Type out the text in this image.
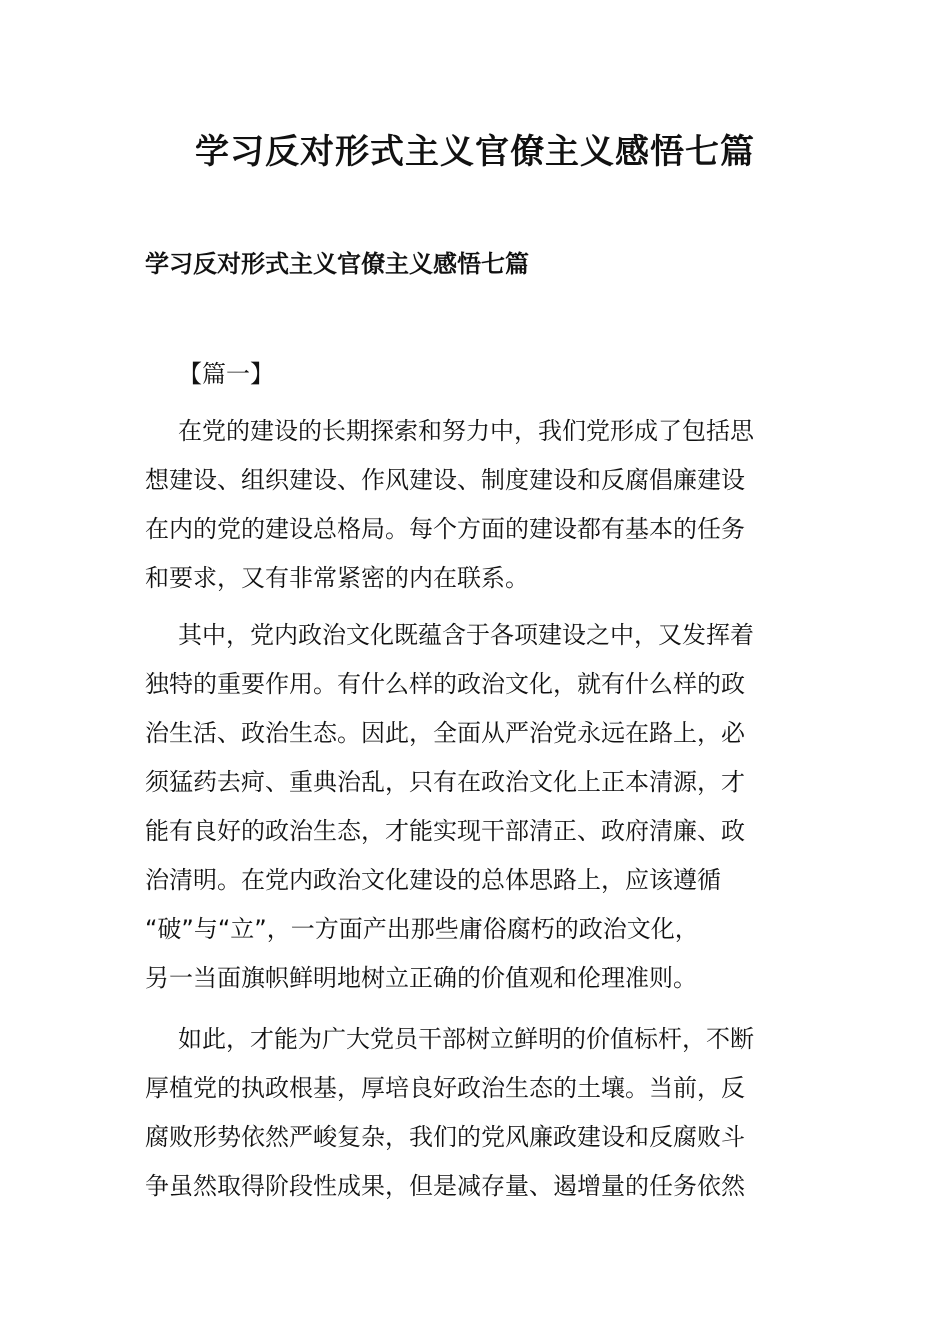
学习反对形式主义官僚主义感悟七篇
学习反对形式主义官僚主义感悟七篇

【篇一】

在党的建设的长期探索和努力中，我们党形成了包括思
想建设、组织建设、作风建设、制度建设和反腐倡廉建设
在内的党的建设总格局。每个方面的建设都有基本的任务
和要求，又有非常紧密的内在联系。
其中，党内政治文化既蕴含于各项建设之中，又发挥着
独特的重要作用。有什么样的政治文化，就有什么样的政
治生活、政治生态。因此，全面从严治党永远在路上，必
须猛药去疴、重典治乱，只有在政治文化上正本清源，才
能有良好的政治生态，才能实现干部清正、政府清廉、政
治清明。在党内政治文化建设的总体思路上，应该遵循
“破”与“立”，一方面产出那些庸俗腐朽的政治文化，
另一当面旗帜鲜明地树立正确的价值观和伦理准则。
如此，才能为广大党员干部树立鲜明的价值标杆，不断
厚植党的执政根基，厚培良好政治生态的土壤。当前，反
腐败形势依然严峻复杂，我们的党风廉政建设和反腐败斗
争虽然取得阶段性成果，但是减存量、遏增量的任务依然
